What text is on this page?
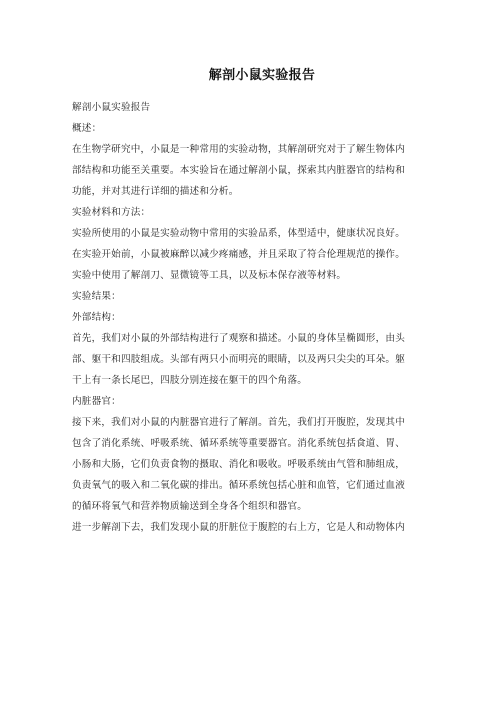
解剖小鼠实验报告

解剖小鼠实验报告

概述：

在生物学研究中，小鼠是一种常用的实验动物，其解剖研究对于了解生物体内

部结构和功能至关重要。本实验旨在通过解剖小鼠，探索其内脏器官的结构和

功能，并对其进行详细的描述和分析。

实验材料和方法：

实验所使用的小鼠是实验动物中常用的实验品系，体型适中，健康状况良好。

在实验开始前，小鼠被麻醉以减少疼痛感，并且采取了符合伦理规范的操作。

实验中使用了解剖刀、显微镜等工具，以及标本保存液等材料。

实验结果：

外部结构：

首先，我们对小鼠的外部结构进行了观察和描述。小鼠的身体呈椭圆形，由头

部、躯干和四肢组成。头部有两只小而明亮的眼睛，以及两只尖尖的耳朵。躯

干上有一条长尾巴，四肢分别连接在躯干的四个角落。

内脏器官：

接下来，我们对小鼠的内脏器官进行了解剖。首先，我们打开腹腔，发现其中

包含了消化系统、呼吸系统、循环系统等重要器官。消化系统包括食道、胃、

小肠和大肠，它们负责食物的摄取、消化和吸收。呼吸系统由气管和肺组成，

负责氧气的吸入和二氧化碳的排出。循环系统包括心脏和血管，它们通过血液

的循环将氧气和营养物质输送到全身各个组织和器官。

进一步解剖下去，我们发现小鼠的肝脏位于腹腔的右上方，它是人和动物体内
